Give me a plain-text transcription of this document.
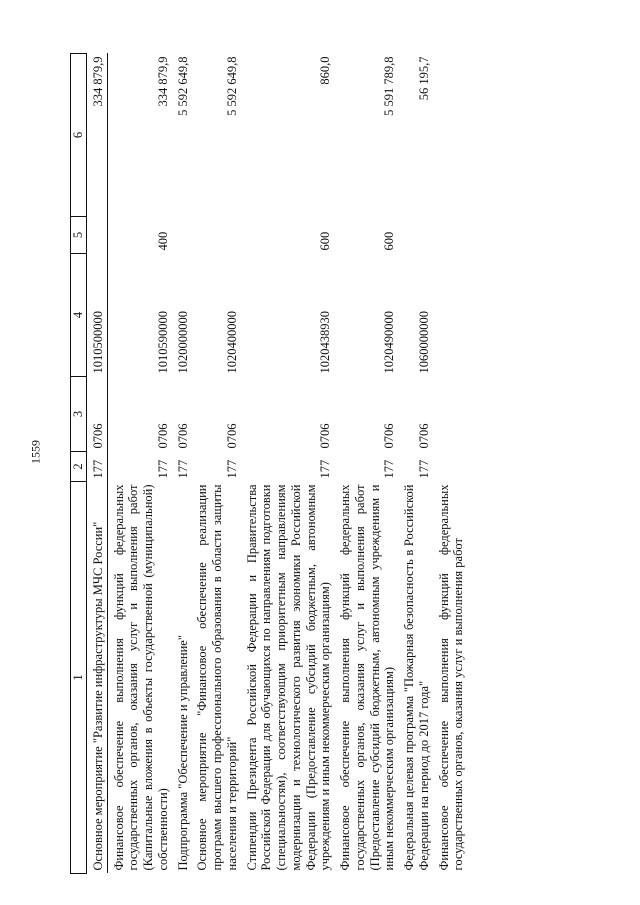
1559
1	2	3	4	5	6
Основное мероприятие "Развитие инфраструктуры МЧС России"	177	0706	1010500000		334 879,9
Финансовое обеспечение выполнения функций федеральных государственных органов, оказания услуг и выполнения работ (Капитальные вложения в объекты государственной (муниципальной) собственности)	177	0706	1010590000	400	334 879,9
Подпрограмма "Обеспечение и управление"	177	0706	1020000000		5 592 649,8
Основное мероприятие "Финансовое обеспечение реализации программ высшего профессионального образования в области защиты населения и территорий"	177	0706	1020400000		5 592 649,8
Стипендии Президента Российской Федерации и Правительства Российской Федерации для обучающихся по направлениям подготовки (специальностям), соответствующим приоритетным направлениям модернизации и технологического развития экономики Российской Федерации (Предоставление субсидий бюджетным, автономным учреждениям и иным некоммерческим организациям)	177	0706	1020438930	600	860,0
Финансовое обеспечение выполнения функций федеральных государственных органов, оказания услуг и выполнения работ (Предоставление субсидий бюджетным, автономным учреждениям и иным некоммерческим организациям)	177	0706	1020490000	600	5 591 789,8
Федеральная целевая программа "Пожарная безопасность в Российской Федерации на период до 2017 года"	177	0706	1060000000		56 195,7
Финансовое обеспечение выполнения функций федеральных государственных органов, оказания услуг и выполнения работ					
